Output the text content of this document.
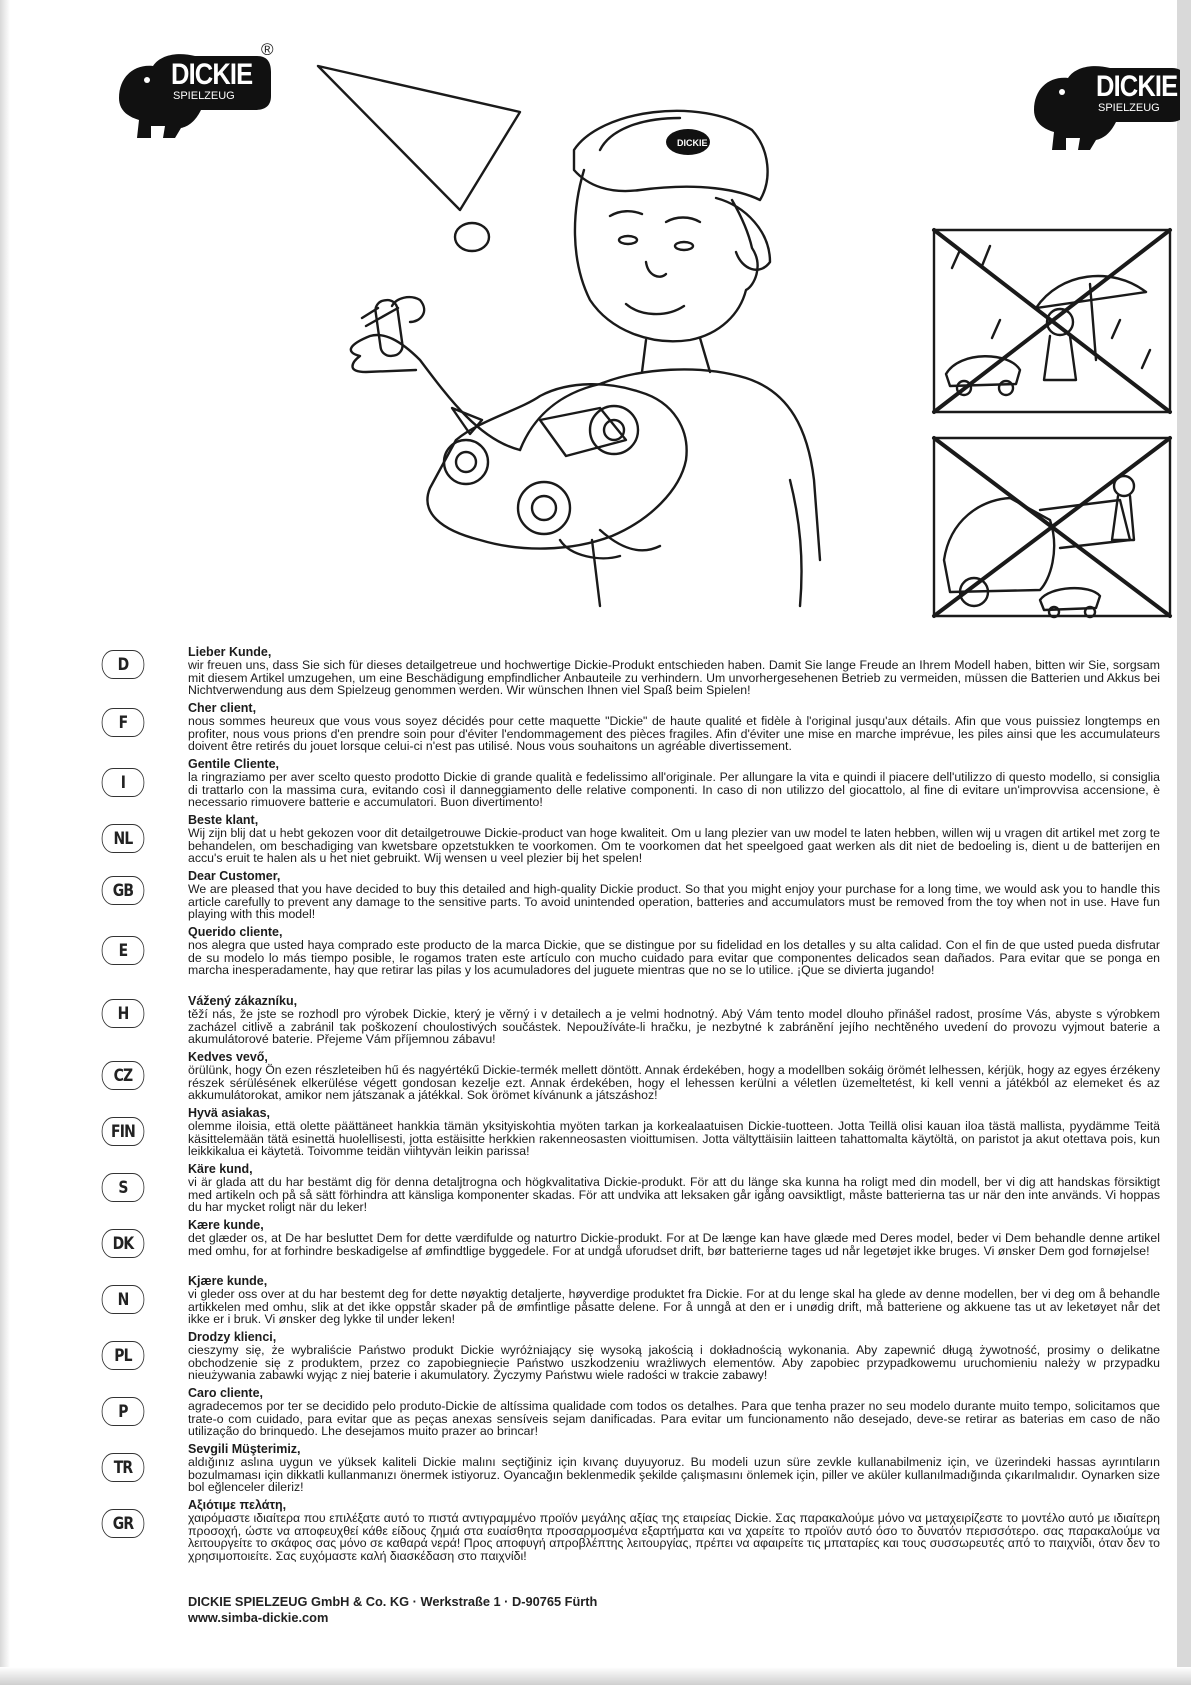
DICKIE
SPIELZEUG
®
DICKIE
SPIELZEUG
DICKIE
D
Lieber Kunde,
wir freuen uns, dass Sie sich für dieses detailgetreue und hochwertige Dickie-Produkt entschieden haben. Damit Sie lange Freude an Ihrem Modell haben, bitten wir Sie, sorgsam mit diesem Artikel umzugehen, um eine Beschädigung empfindlicher Anbauteile zu verhindern. Um unvorhergesehenen Betrieb zu vermeiden, müssen die Batterien und Akkus bei Nichtverwendung aus dem Spielzeug genommen werden. Wir wünschen Ihnen viel Spaß beim Spielen!
F
Cher client,
nous sommes heureux que vous vous soyez décidés pour cette maquette "Dickie" de haute qualité et fidèle à l'original jusqu'aux détails. Afin que vous puissiez longtemps en profiter, nous vous prions d'en prendre soin pour d'éviter l'endommagement des pièces fragiles. Afin d'éviter une mise en marche imprévue, les piles ainsi que les accumulateurs doivent être retirés du jouet lorsque celui-ci n'est pas utilisé. Nous vous souhaitons un agréable divertissement.
I
Gentile Cliente,
la ringraziamo per aver scelto questo prodotto Dickie di grande qualità e fedelissimo all'originale. Per allungare la vita e quindi il piacere dell'utilizzo di questo modello, si consiglia di trattarlo con la massima cura, evitando così il danneggiamento delle relative componenti. In caso di non utilizzo del giocattolo, al fine di evitare un'improvvisa accensione, è necessario rimuovere batterie e accumulatori. Buon divertimento!
NL
Beste klant,
Wij zijn blij dat u hebt gekozen voor dit detailgetrouwe Dickie-product van hoge kwaliteit. Om u lang plezier van uw model te laten hebben, willen wij u vragen dit artikel met zorg te behandelen, om beschadiging van kwetsbare opzetstukken te voorkomen. Om te voorkomen dat het speelgoed gaat werken als dit niet de bedoeling is, dient u de batterijen en accu's eruit te halen als u het niet gebruikt. Wij wensen u veel plezier bij het spelen!
GB
Dear Customer,
We are pleased that you have decided to buy this detailed and high-quality Dickie product. So that you might enjoy your purchase for a long time, we would ask you to handle this article carefully to prevent any damage to the sensitive parts. To avoid unintended operation, batteries and accumulators must be removed from the toy when not in use. Have fun playing with this model!
E
Querido cliente,
nos alegra que usted haya comprado este producto de la marca Dickie, que se distingue por su fidelidad en los detalles y su alta calidad. Con el fin de que usted pueda disfrutar de su modelo lo más tiempo posible, le rogamos traten este artículo con mucho cuidado para evitar que componentes delicados sean dañados. Para evitar que se ponga en marcha inesperadamente, hay que retirar las pilas y los acumuladores del juguete mientras que no se lo utilice. ¡Que se divierta jugando!
H
Vážený zákazníku,
těží nás, že jste se rozhodl pro výrobek Dickie, který je věrný i v detailech a je velmi hodnotný. Abý Vám tento model dlouho přinášel radost, prosíme Vás, abyste s výrobkem zacházel citlivě a zabránil tak poškození choulostivých součástek. Nepoužíváte-li hračku, je nezbytné k zabránění jejího nechtěného uvedení do provozu vyjmout baterie a akumulátorové baterie. Přejeme Vám příjemnou zábavu!
CZ
Kedves vevő,
örülünk, hogy Ön ezen részleteiben hű és nagyértékű Dickie-termék mellett döntött. Annak érdekében, hogy a modellben sokáig örömét lelhessen, kérjük, hogy az egyes érzékeny részek sérülésének elkerülése végett gondosan kezelje ezt. Annak érdekében, hogy el lehessen kerülni a véletlen üzemeltetést, ki kell venni a játékból az elemeket és az akkumulátorokat, amikor nem játszanak a játékkal. Sok örömet kívánunk a játszáshoz!
FIN
Hyvä asiakas,
olemme iloisia, että olette päättäneet hankkia tämän yksityiskohtia myöten tarkan ja korkealaatuisen Dickie-tuotteen. Jotta Teillä olisi kauan iloa tästä mallista, pyydämme Teitä käsittelemään tätä esinettä huolellisesti, jotta estäisitte herkkien rakenneosasten vioittumisen. Jotta vältyttäisiin laitteen tahattomalta käytöltä, on paristot ja akut otettava pois, kun leikkikalua ei käytetä. Toivomme teidän viihtyvän leikin parissa!
S
Käre kund,
vi är glada att du har bestämt dig för denna detaljtrogna och högkvalitativa Dickie-produkt. För att du länge ska kunna ha roligt med din modell, ber vi dig att handskas försiktigt med artikeln och på så sätt förhindra att känsliga komponenter skadas. För att undvika att leksaken går igång oavsiktligt, måste batterierna tas ur när den inte används. Vi hoppas du har mycket roligt när du leker!
DK
Kære kunde,
det glæder os, at De har besluttet Dem for dette værdifulde og naturtro Dickie-produkt. For at De længe kan have glæde med Deres model, beder vi Dem behandle denne artikel med omhu, for at forhindre beskadigelse af ømfindtlige byggedele. For at undgå uforudset drift, bør batterierne tages ud når legetøjet ikke bruges. Vi ønsker Dem god fornøjelse!
N
Kjære kunde,
vi gleder oss over at du har bestemt deg for dette nøyaktig detaljerte, høyverdige produktet fra Dickie. For at du lenge skal ha glede av denne modellen, ber vi deg om å behandle artikkelen med omhu, slik at det ikke oppstår skader på de ømfintlige påsatte delene. For å unngå at den er i unødig drift, må batteriene og akkuene tas ut av leketøyet når det ikke er i bruk. Vi ønsker deg lykke til under leken!
PL
Drodzy klienci,
cieszymy się, że wybraliście Państwo produkt Dickie wyróżniający się wysoką jakością i dokładnością wykonania. Aby zapewnić długą żywotność, prosimy o delikatne obchodzenie się z produktem, przez co zapobiegniecie Państwo uszkodzeniu wrażliwych elementów. Aby zapobiec przypadkowemu uruchomieniu należy w przypadku nieużywania zabawki wyjąc z niej baterie i akumulatory. Życzymy Państwu wiele radości w trakcie zabawy!
P
Caro cliente,
agradecemos por ter se decidido pelo produto-Dickie de altíssima qualidade com todos os detalhes. Para que tenha prazer no seu modelo durante muito tempo, solicitamos que trate-o com cuidado, para evitar que as peças anexas sensíveis sejam danificadas. Para evitar um funcionamento não desejado, deve-se retirar as baterias em caso de não utilização do brinquedo. Lhe desejamos muito prazer ao brincar!
TR
Sevgili Müşterimiz,
aldığınız aslına uygun ve yüksek kaliteli Dickie malını seçtiğiniz için kıvanç duyuyoruz. Bu modeli uzun süre zevkle kullanabilmeniz için, ve üzerindeki hassas ayrıntıların bozulmaması için dikkatli kullanmanızı önermek istiyoruz. Oyancağın beklenmedik şekilde çalışmasını önlemek için, piller ve aküler kullanılmadığında çıkarılmalıdır. Oynarken size bol eğlenceler dileriz!
GR
Αξιότιμε πελάτη,
χαιρόμαστε ιδιαίτερα που επιλέξατε αυτό το πιστά αντιγραμμένο προϊόν μεγάλης αξίας της εταιρείας Dickie. Σας παρακαλούμε μόνο να μεταχειρίζεστε το μοντέλο αυτό με ιδιαίτερη προσοχή, ώστε να αποφευχθεί κάθε είδους ζημιά στα ευαίσθητα προσαρμοσμένα εξαρτήματα και να χαρείτε το προϊόν αυτό όσο το δυνατόν περισσότερο. σας παρακαλούμε να λειτουργείτε το σκάφος σας μόνο σε καθαρά νερά! Προς αποφυγή απροβλέπτης λειτουργίας, πρέπει να αφαιρείτε τις μπαταρίες και τους συσσωρευτές από το παιχνίδι, όταν δεν το χρησιμοποιείτε. Σας ευχόμαστε καλή διασκέδαση στο παιχνίδι!
DICKIE SPIELZEUG GmbH & Co. KG · Werkstraße 1 · D-90765 Fürth
www.simba-dickie.com
